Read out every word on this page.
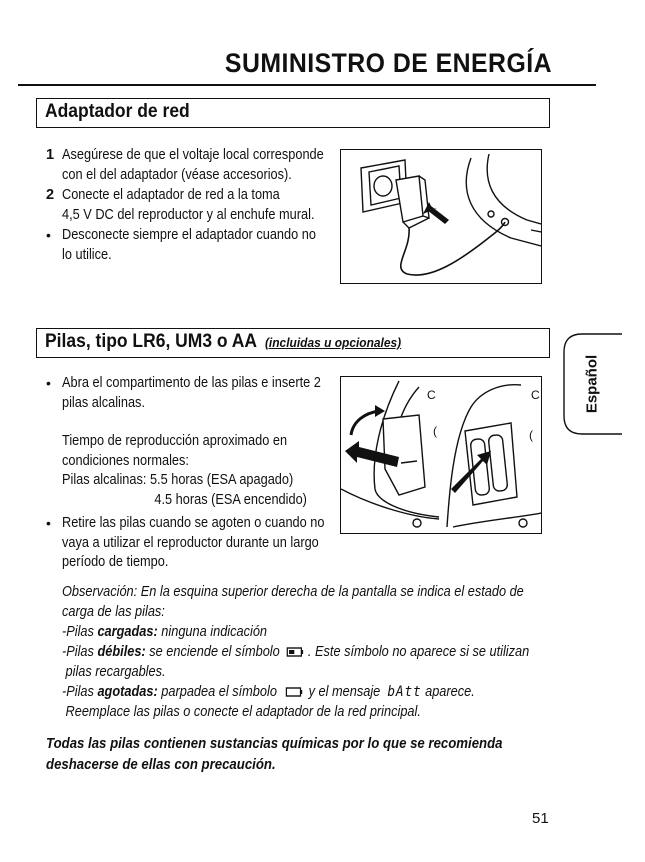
SUMINISTRO DE ENERGÍA
Adaptador de red
1 Asegúrese de que el voltaje local corresponde
con el del adaptador (véase accesorios).
2 Conecte el adaptador de red a la toma
4,5 V DC del reproductor y al enchufe mural.
• Desconecte siempre el adaptador cuando no
lo utilice.
Pilas, tipo LR6, UM3 o AA (incluidas u opcionales)
• Abra el compartimento de las pilas e inserte 2
pilas alcalinas.
Tiempo de reproducción aproximado en
condiciones normales:
Pilas alcalinas: 5.5 horas (ESA apagado)
4.5 horas (ESA encendido)
• Retire las pilas cuando se agoten o cuando no
vaya a utilizar el reproductor durante un largo
período de tiempo.
C	C
(
(
Observación: En la esquina superior derecha de la pantalla se indica el estado de
carga de las pilas:
-Pilas cargadas: ninguna indicación
-Pilas débiles: se enciende el símbolo . Este símbolo no aparece si se utilizan
pilas recargables.
-Pilas agotadas: parpadea el símbolo y el mensaje bAtt aparece.
Reemplace las pilas o conecte el adaptador de la red principal.
Todas las pilas contienen sustancias químicas por lo que se recomienda
deshacerse de ellas con precaución.
Español
51
